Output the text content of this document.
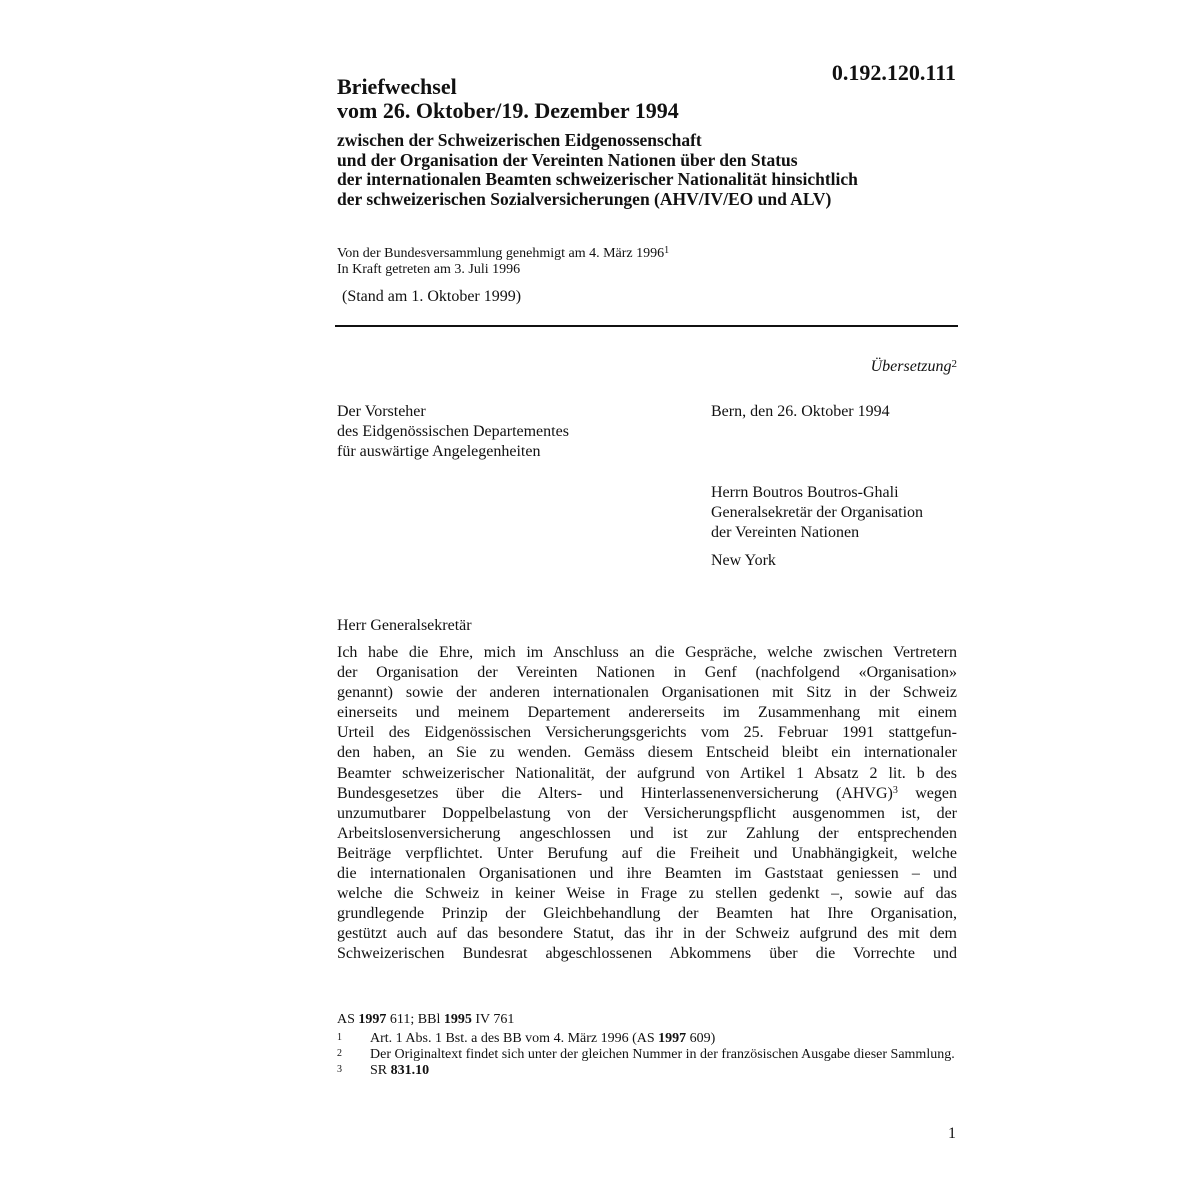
0.192.120.111
Briefwechsel
vom 26. Oktober/19. Dezember 1994
zwischen der Schweizerischen Eidgenossenschaft
und der Organisation der Vereinten Nationen über den Status
der internationalen Beamten schweizerischer Nationalität hinsichtlich
der schweizerischen Sozialversicherungen (AHV/IV/EO und ALV)
Von der Bundesversammlung genehmigt am 4. März 1996$^1$
In Kraft getreten am 3. Juli 1996
(Stand am 1. Oktober 1999)
Übersetzung$^2$
Der Vorsteher
des Eidgenössischen Departementes
für auswärtige Angelegenheiten
Bern, den 26. Oktober 1994
Herrn Boutros Boutros-Ghali
Generalsekretär der Organisation
der Vereinten Nationen
New York
Herr Generalsekretär
Ich habe die Ehre, mich im Anschluss an die Gespräche, welche zwischen Vertretern
der Organisation der Vereinten Nationen in Genf (nachfolgend «Organisation»
genannt) sowie der anderen internationalen Organisationen mit Sitz in der Schweiz
einerseits und meinem Departement andererseits im Zusammenhang mit einem
Urteil des Eidgenössischen Versicherungsgerichts vom 25. Februar 1991 stattgefun-
den haben, an Sie zu wenden. Gemäss diesem Entscheid bleibt ein internationaler
Beamter schweizerischer Nationalität, der aufgrund von Artikel 1 Absatz 2 lit. b des
Bundesgesetzes über die Alters- und Hinterlassenenversicherung (AHVG)$^3$ wegen
unzumutbarer Doppelbelastung von der Versicherungspflicht ausgenommen ist, der
Arbeitslosenversicherung angeschlossen und ist zur Zahlung der entsprechenden
Beiträge verpflichtet. Unter Berufung auf die Freiheit und Unabhängigkeit, welche
die internationalen Organisationen und ihre Beamten im Gaststaat geniessen – und
welche die Schweiz in keiner Weise in Frage zu stellen gedenkt –, sowie auf das
grundlegende Prinzip der Gleichbehandlung der Beamten hat Ihre Organisation,
gestützt auch auf das besondere Statut, das ihr in der Schweiz aufgrund des mit dem
Schweizerischen Bundesrat abgeschlossenen Abkommens über die Vorrechte und
AS 1997 611; BBl 1995 IV 761
1	Art. 1 Abs. 1 Bst. a des BB vom 4. März 1996 (AS 1997 609)
2	Der Originaltext findet sich unter der gleichen Nummer in der französischen Ausgabe dieser Sammlung.
3	SR 831.10
1
